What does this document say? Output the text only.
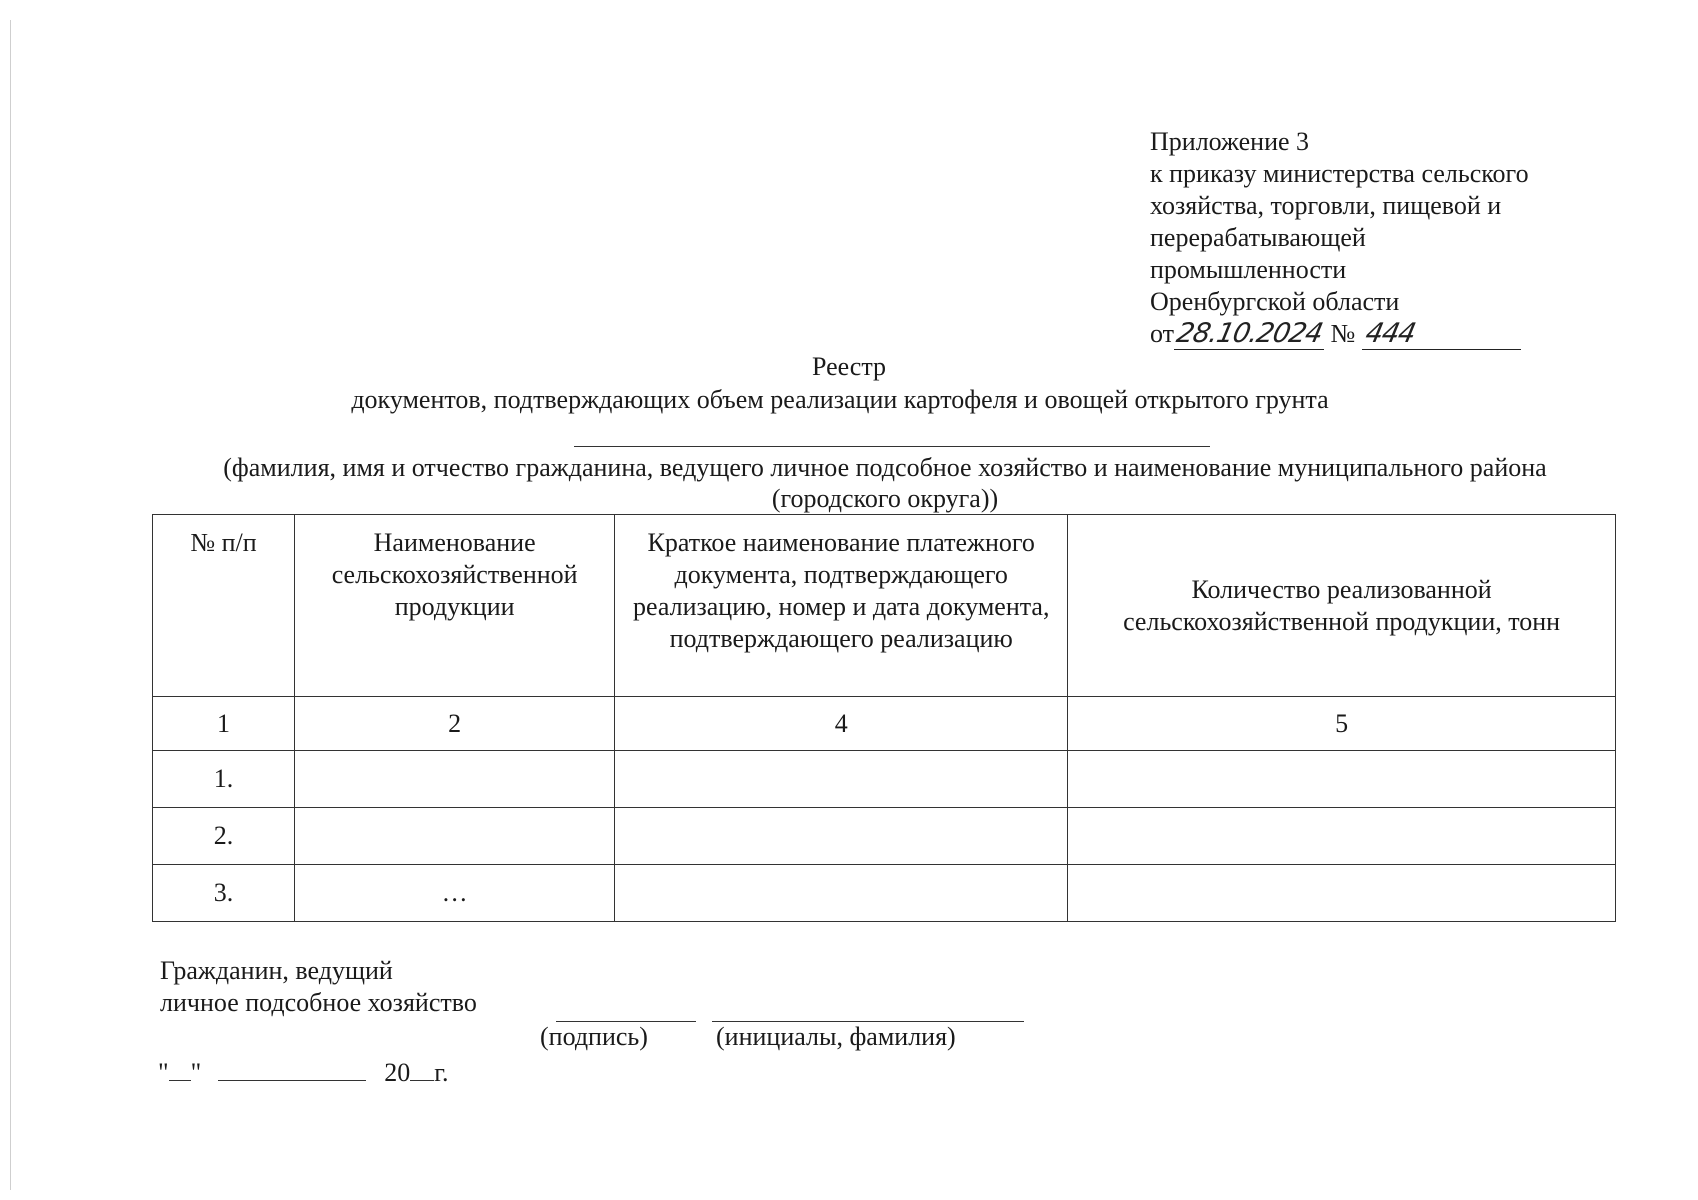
Приложение 3
к приказу министерства сельского
хозяйства, торговли, пищевой и
перерабатывающей
промышленности
Оренбургской области
от28.10.2024 № 444
Реестр
документов, подтверждающих объем реализации картофеля и овощей открытого грунта
(фамилия, имя и отчество гражданина, ведущего личное подсобное хозяйство и наименование муниципального района
(городского округа))
№ п/п	Наименование сельскохозяйственной продукции	Краткое наименование платежного документа, подтверждающего реализацию, номер и дата документа, подтверждающего реализацию	Количество реализованной сельскохозяйственной продукции, тонн
1	2	4	5
1.			
2.			
3.	…		
Гражданин, ведущий
личное подсобное хозяйство
(подпись)	(инициалы, фамилия)
" "	20 г.
